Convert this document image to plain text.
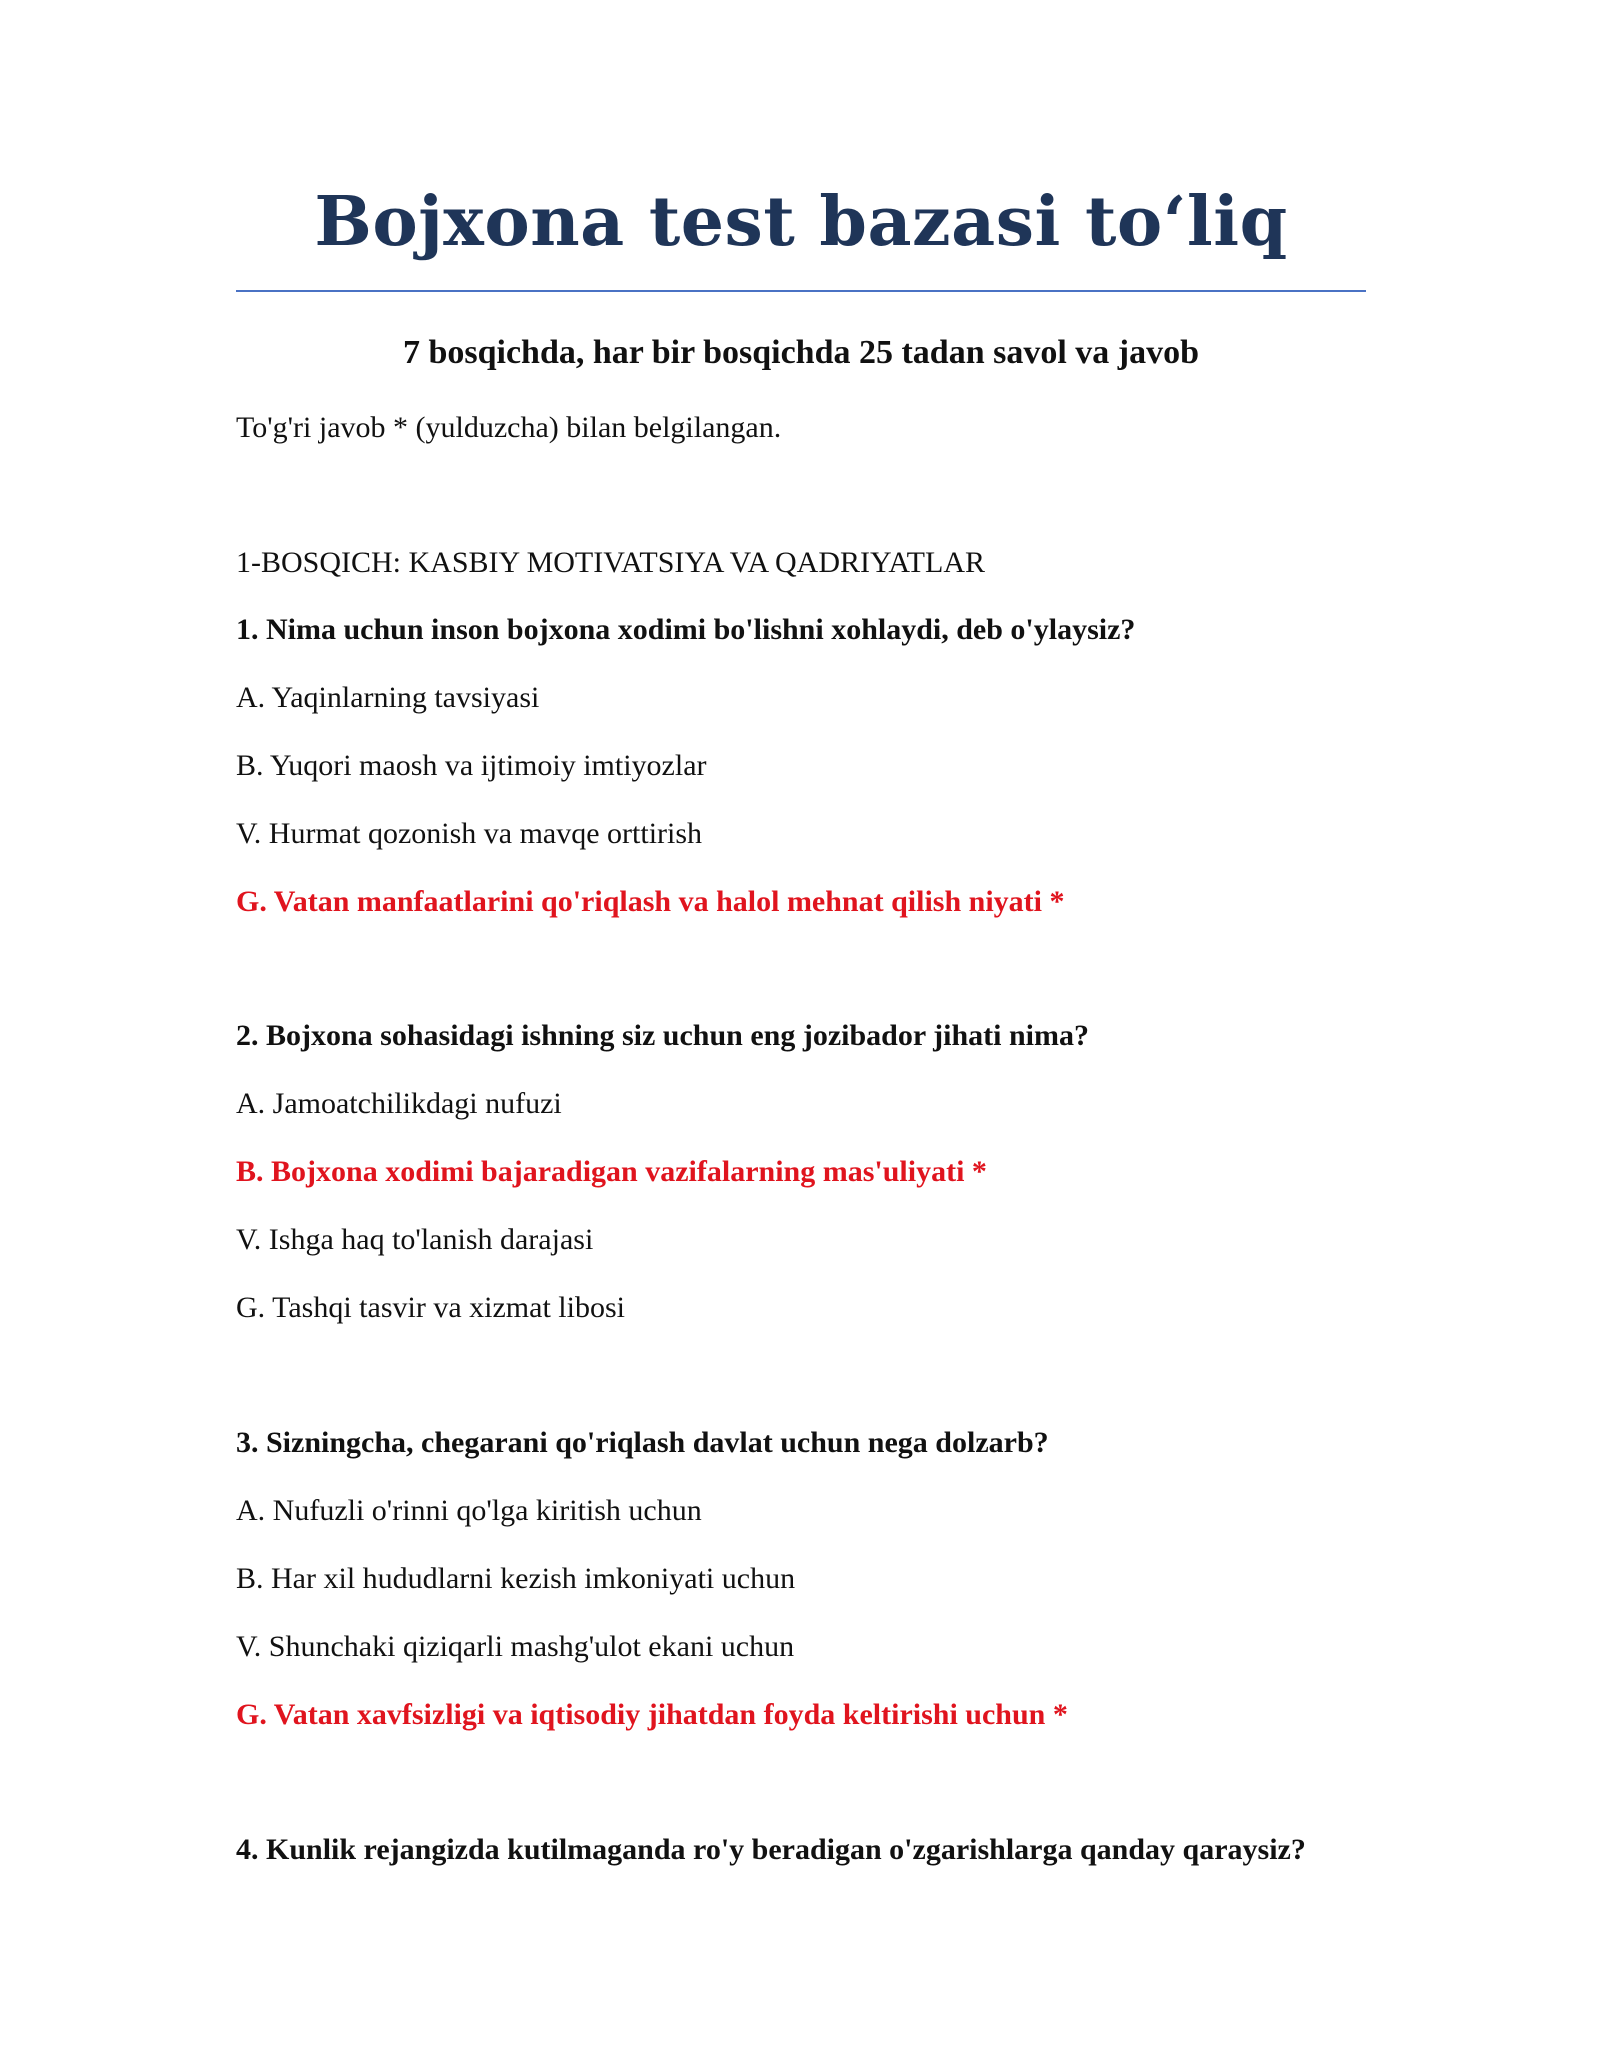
Bojxona test bazasi to‘liq
7 bosqichda, har bir bosqichda 25 tadan savol va javob

To'g'ri javob * (yulduzcha) bilan belgilangan.

1-BOSQICH: KASBIY MOTIVATSIYA VA QADRIYATLAR

1. Nima uchun inson bojxona xodimi bo'lishni xohlaydi, deb o'ylaysiz?

A. Yaqinlarning tavsiyasi

B. Yuqori maosh va ijtimoiy imtiyozlar

V. Hurmat qozonish va mavqe orttirish

G. Vatan manfaatlarini qo'riqlash va halol mehnat qilish niyati *

2. Bojxona sohasidagi ishning siz uchun eng jozibador jihati nima?

A. Jamoatchilikdagi nufuzi

B. Bojxona xodimi bajaradigan vazifalarning mas'uliyati *

V. Ishga haq to'lanish darajasi

G. Tashqi tasvir va xizmat libosi

3. Sizningcha, chegarani qo'riqlash davlat uchun nega dolzarb?

A. Nufuzli o'rinni qo'lga kiritish uchun

B. Har xil hududlarni kezish imkoniyati uchun

V. Shunchaki qiziqarli mashg'ulot ekani uchun

G. Vatan xavfsizligi va iqtisodiy jihatdan foyda keltirishi uchun *

4. Kunlik rejangizda kutilmaganda ro'y beradigan o'zgarishlarga qanday qaraysiz?
